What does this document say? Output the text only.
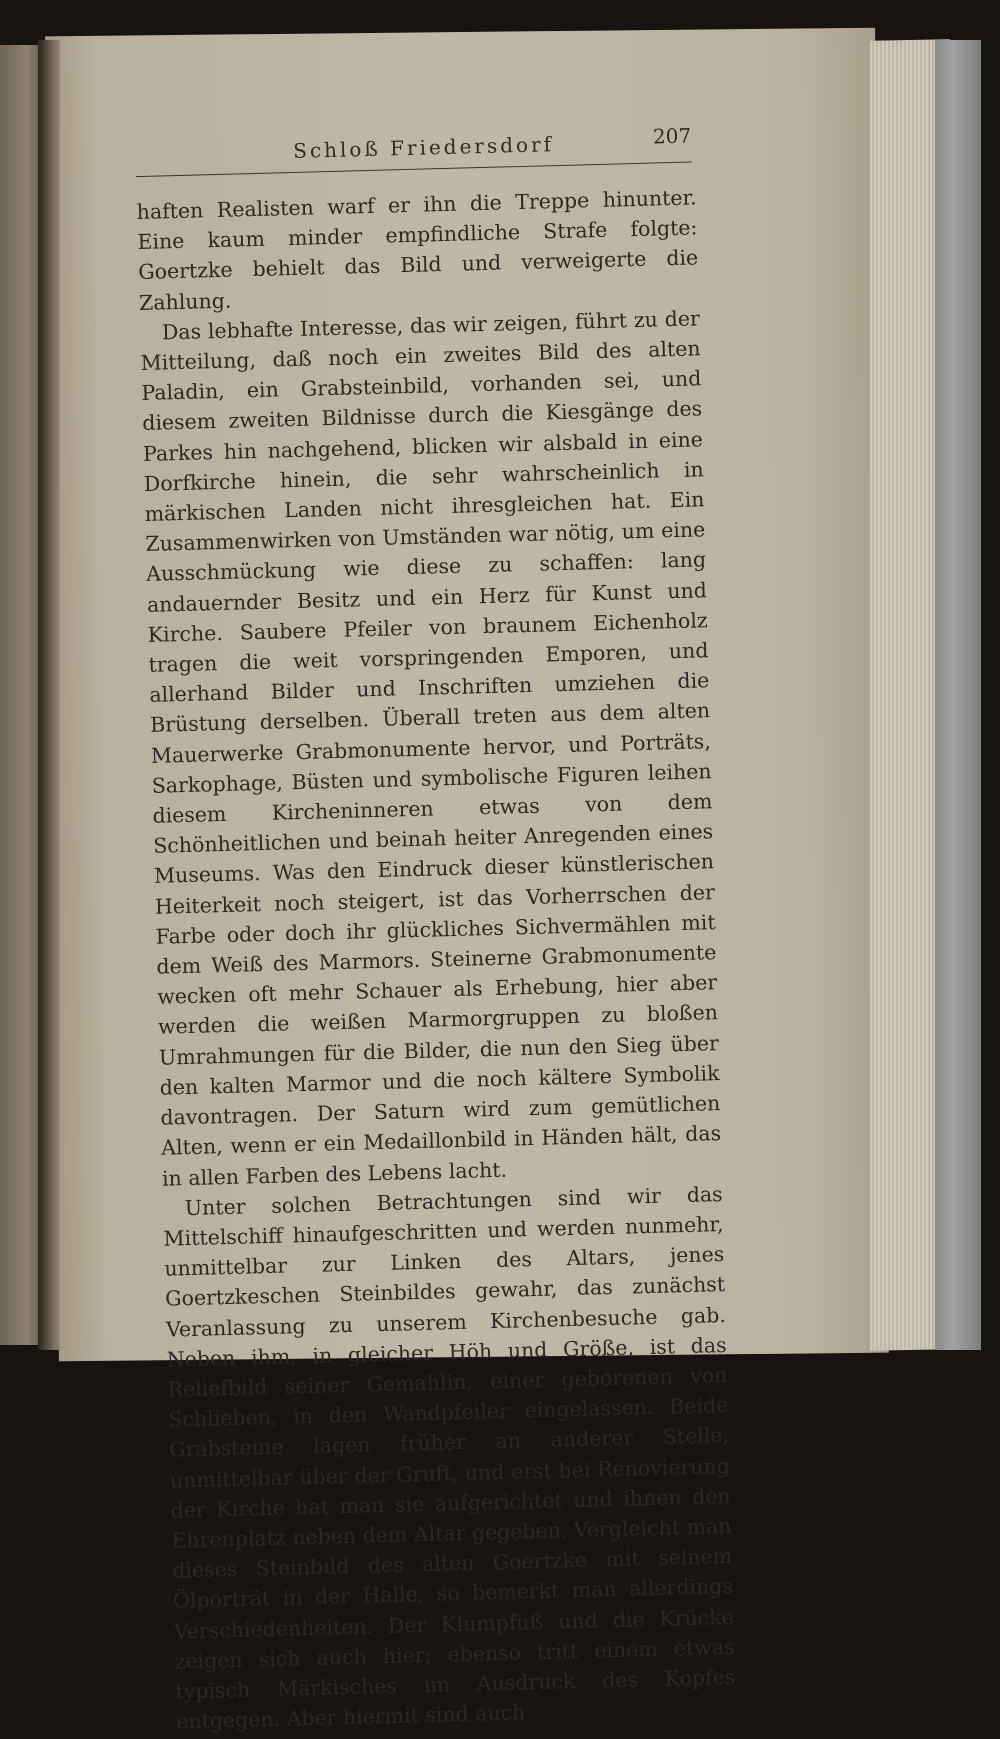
Schloß Friedersdorf	207

haften Realisten warf er ihn die Treppe hinunter. Eine kaum minder empfindliche Strafe folgte: Goertzke behielt das Bild und verweigerte die Zahlung.

Das lebhafte Interesse, das wir zeigen, führt zu der Mitteilung, daß noch ein zweites Bild des alten Paladin, ein Grabsteinbild, vorhanden sei, und diesem zweiten Bildnisse durch die Kiesgänge des Parkes hin nachgehend, blicken wir alsbald in eine Dorfkirche hinein, die sehr wahrscheinlich in märkischen Landen nicht ihresgleichen hat. Ein Zusammenwirken von Umständen war nötig, um eine Ausschmückung wie diese zu schaffen: lang andauernder Besitz und ein Herz für Kunst und Kirche. Saubere Pfeiler von braunem Eichenholz tragen die weit vorspringenden Emporen, und allerhand Bilder und Inschriften umziehen die Brüstung derselben. Überall treten aus dem alten Mauerwerke Grabmonumente hervor, und Porträts, Sarkophage, Büsten und symbolische Figuren leihen diesem Kircheninneren etwas von dem Schönheitlichen und beinah heiter Anregenden eines Museums. Was den Eindruck dieser künstlerischen Heiterkeit noch steigert, ist das Vorherrschen der Farbe oder doch ihr glückliches Sichvermählen mit dem Weiß des Marmors. Steinerne Grabmonumente wecken oft mehr Schauer als Erhebung, hier aber werden die weißen Marmorgruppen zu bloßen Umrahmungen für die Bilder, die nun den Sieg über den kalten Marmor und die noch kältere Symbolik davontragen. Der Saturn wird zum gemütlichen Alten, wenn er ein Medaillonbild in Händen hält, das in allen Farben des Lebens lacht.

Unter solchen Betrachtungen sind wir das Mittelschiff hinaufgeschritten und werden nunmehr, unmittelbar zur Linken des Altars, jenes Goertzkeschen Steinbildes gewahr, das zunächst Veranlassung zu unserem Kirchenbesuche gab. Neben ihm, in gleicher Höh und Größe, ist das Reliefbild seiner Gemahlin, einer geborenen von Schlieben, in den Wandpfeiler eingelassen. Beide Grabsteine lagen früher an anderer Stelle, unmittelbar über der Gruft, und erst bei Renovierung der Kirche hat man sie aufgerichtet und ihnen den Ehrenplatz neben dem Altar gegeben. Vergleicht man dieses Steinbild des alten Goertzke mit seinem Ölporträt in der Halle, so bemerkt man allerdings Verschiedenheiten. Der Klumpfuß und die Krücke zeigen sich auch hier; ebenso tritt einem etwas typisch Märkisches im Ausdruck des Kopfes entgegen. Aber hiermit sind auch
